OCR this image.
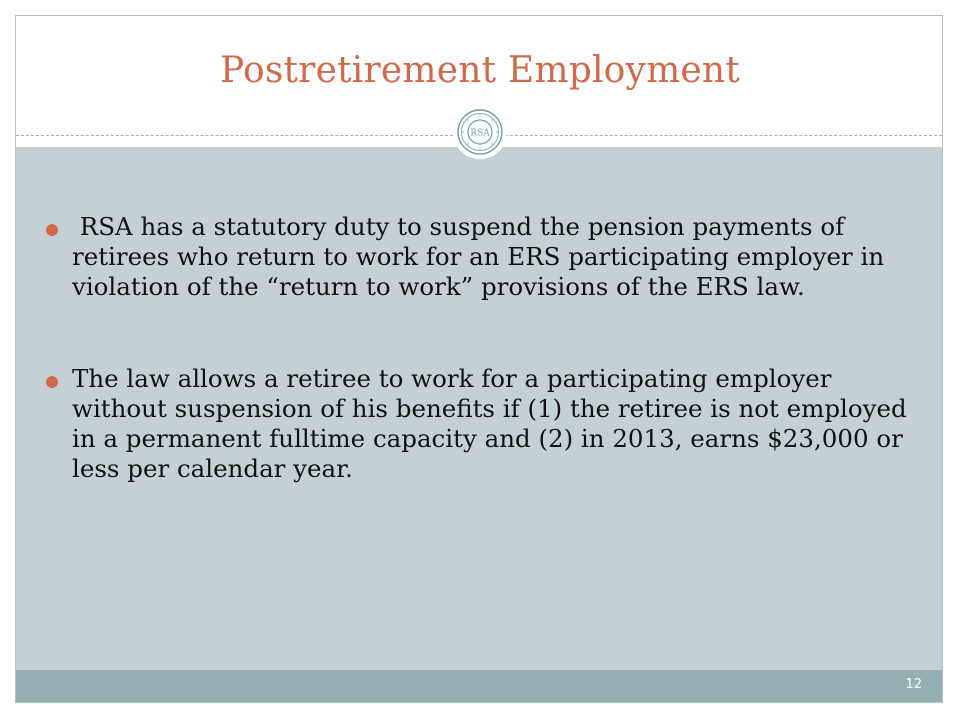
Postretirement Employment
RSA
RSA has a statutory duty to suspend the pension payments of retirees who return to work for an ERS participating employer in violation of the “return to work” provisions of the ERS law.
The law allows a retiree to work for a participating employer without suspension of his benefits if (1) the retiree is not employed in a permanent fulltime capacity and (2) in 2013, earns $23,000 or less per calendar year.
12
